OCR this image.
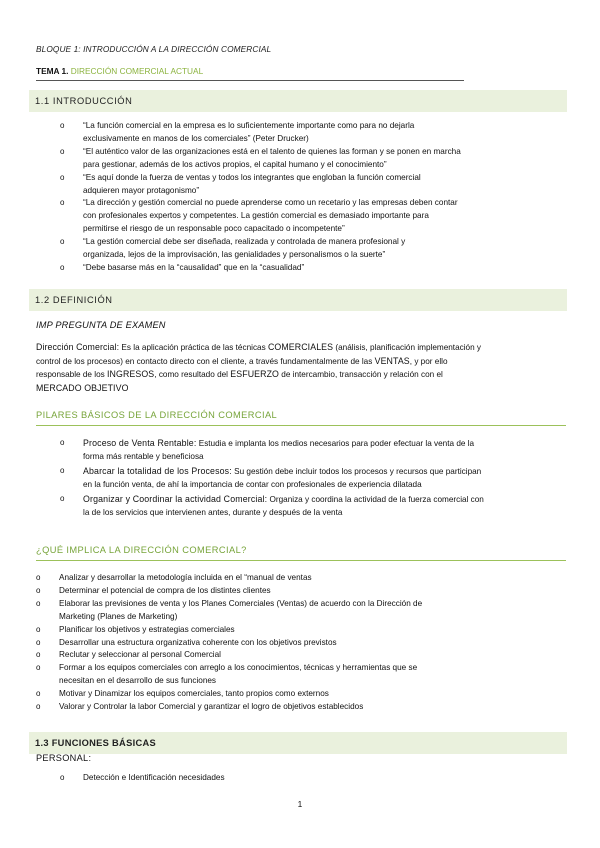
BLOQUE 1: INTRODUCCIÓN A LA DIRECCIÓN COMERCIAL
TEMA 1. DIRECCIÓN COMERCIAL ACTUAL
1.1 INTRODUCCIÓN
o “La función comercial en la empresa es lo suficientemente importante como para no dejarla
exclusivamente en manos de los comerciales” (Peter Drucker)
o “El auténtico valor de las organizaciones está en el talento de quienes las forman y se ponen en marcha
para gestionar, además de los activos propios, el capital humano y el conocimiento”
o “Es aquí donde la fuerza de ventas y todos los integrantes que engloban la función comercial
adquieren mayor protagonismo”
o “La dirección y gestión comercial no puede aprenderse como un recetario y las empresas deben contar
con profesionales expertos y competentes. La gestión comercial es demasiado importante para
permitirse el riesgo de un responsable poco capacitado o incompetente”
o “La gestión comercial debe ser diseñada, realizada y controlada de manera profesional y
organizada, lejos de la improvisación, las genialidades y personalismos o la suerte”
o “Debe basarse más en la “causalidad” que en la “casualidad”
1.2 DEFINICIÓN
IMP PREGUNTA DE EXAMEN
Dirección Comercial: Es la aplicación práctica de las técnicas COMERCIALES (análisis, planificación implementación y control de los procesos) en contacto directo con el cliente, a través fundamentalmente de las VENTAS, y por ello responsable de los INGRESOS, como resultado del ESFUERZO de intercambio, transacción y relación con el MERCADO OBJETIVO
PILARES BÁSICOS DE LA DIRECCIÓN COMERCIAL
o Proceso de Venta Rentable: Estudia e implanta los medios necesarios para poder efectuar la venta de la forma más rentable y beneficiosa
o Abarcar la totalidad de los Procesos: Su gestión debe incluir todos los procesos y recursos que participan en la función venta, de ahí la importancia de contar con profesionales de experiencia dilatada
o Organizar y Coordinar la actividad Comercial: Organiza y coordina la actividad de la fuerza comercial con la de los servicios que intervienen antes, durante y después de la venta
¿QUÉ IMPLICA LA DIRECCIÓN COMERCIAL?
o Analizar y desarrollar la metodología incluida en el “manual de ventas
o Determinar el potencial de compra de los distintes clientes
o Elaborar las previsiones de venta y los Planes Comerciales (Ventas) de acuerdo con la Dirección de
Marketing (Planes de Marketing)
o Planificar los objetivos y estrategias comerciales
o Desarrollar una estructura organizativa coherente con los objetivos previstos
o Reclutar y seleccionar al personal Comercial
o Formar a los equipos comerciales con arreglo a los conocimientos, técnicas y herramientas que se
necesitan en el desarrollo de sus funciones
o Motivar y Dinamizar los equipos comerciales, tanto propios como externos
o Valorar y Controlar la labor Comercial y garantizar el logro de objetivos establecidos
1.3 FUNCIONES BÁSICAS
PERSONAL:
o Detección e Identificación necesidades
1
